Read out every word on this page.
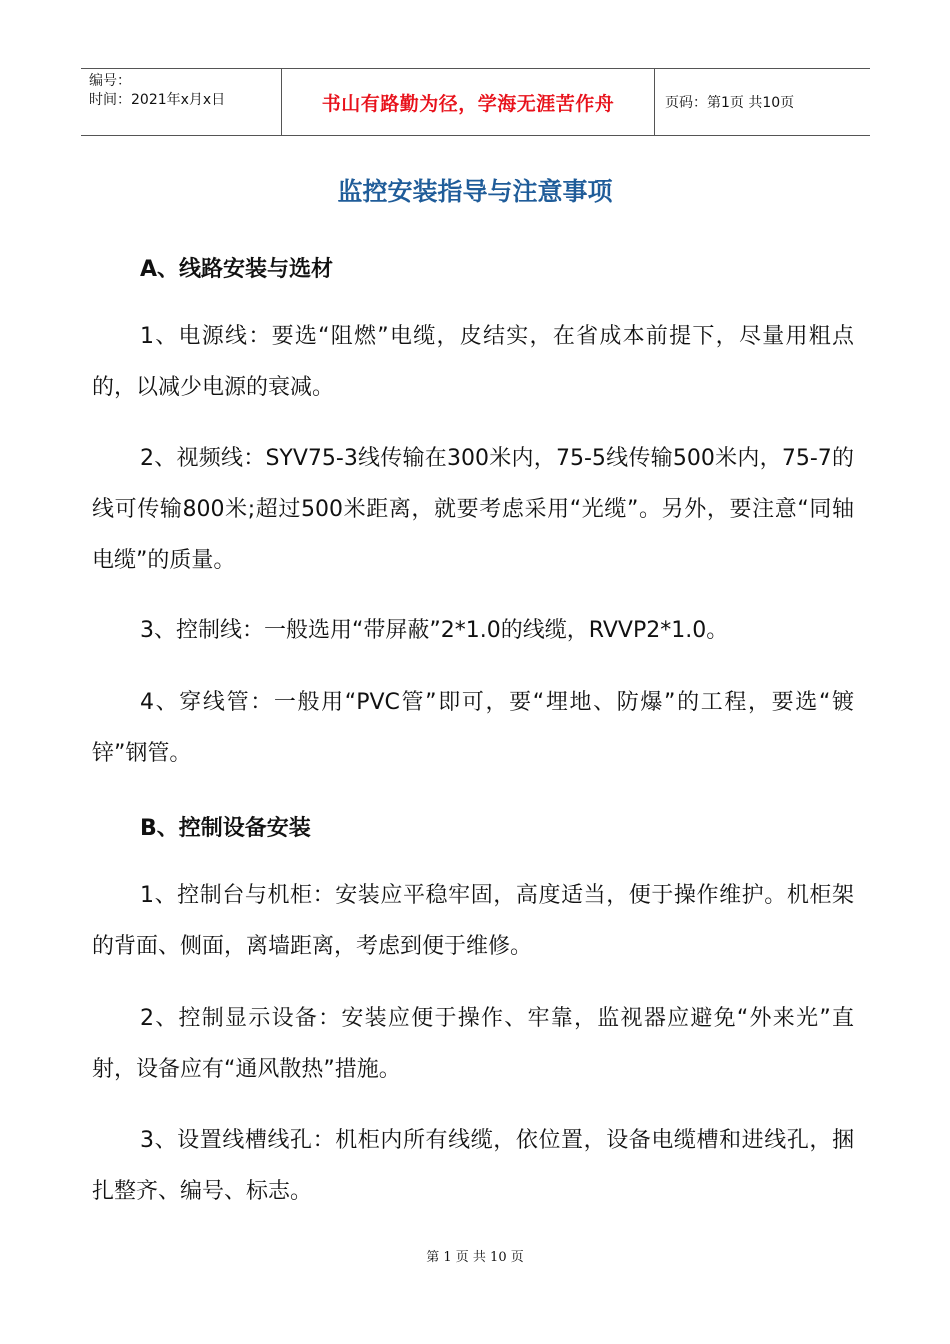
编号：
时间：2021年x月x日	书山有路勤为径，学海无涯苦作舟	页码：第1页 共10页
监控安装指导与注意事项
A、线路安装与选材
1、电源线：要选“阻燃”电缆，皮结实，在省成本前提下，尽量用粗点的，以减少电源的衰减。
2、视频线：SYV75-3线传输在300米内，75-5线传输500米内，75-7的线可传输800米;超过500米距离，就要考虑采用“光缆”。另外，要注意“同轴电缆”的质量。
3、控制线：一般选用“带屏蔽”2*1.0的线缆，RVVP2*1.0。
4、穿线管：一般用“PVC管”即可，要“埋地、防爆”的工程，要选“镀锌”钢管。
B、控制设备安装
1、控制台与机柜：安装应平稳牢固，高度适当，便于操作维护。机柜架的背面、侧面，离墙距离，考虑到便于维修。
2、控制显示设备：安装应便于操作、牢靠，监视器应避免“外来光”直射，设备应有“通风散热”措施。
3、设置线槽线孔：机柜内所有线缆，依位置，设备电缆槽和进线孔，捆扎整齐、编号、标志。
第 1 页 共 10 页
